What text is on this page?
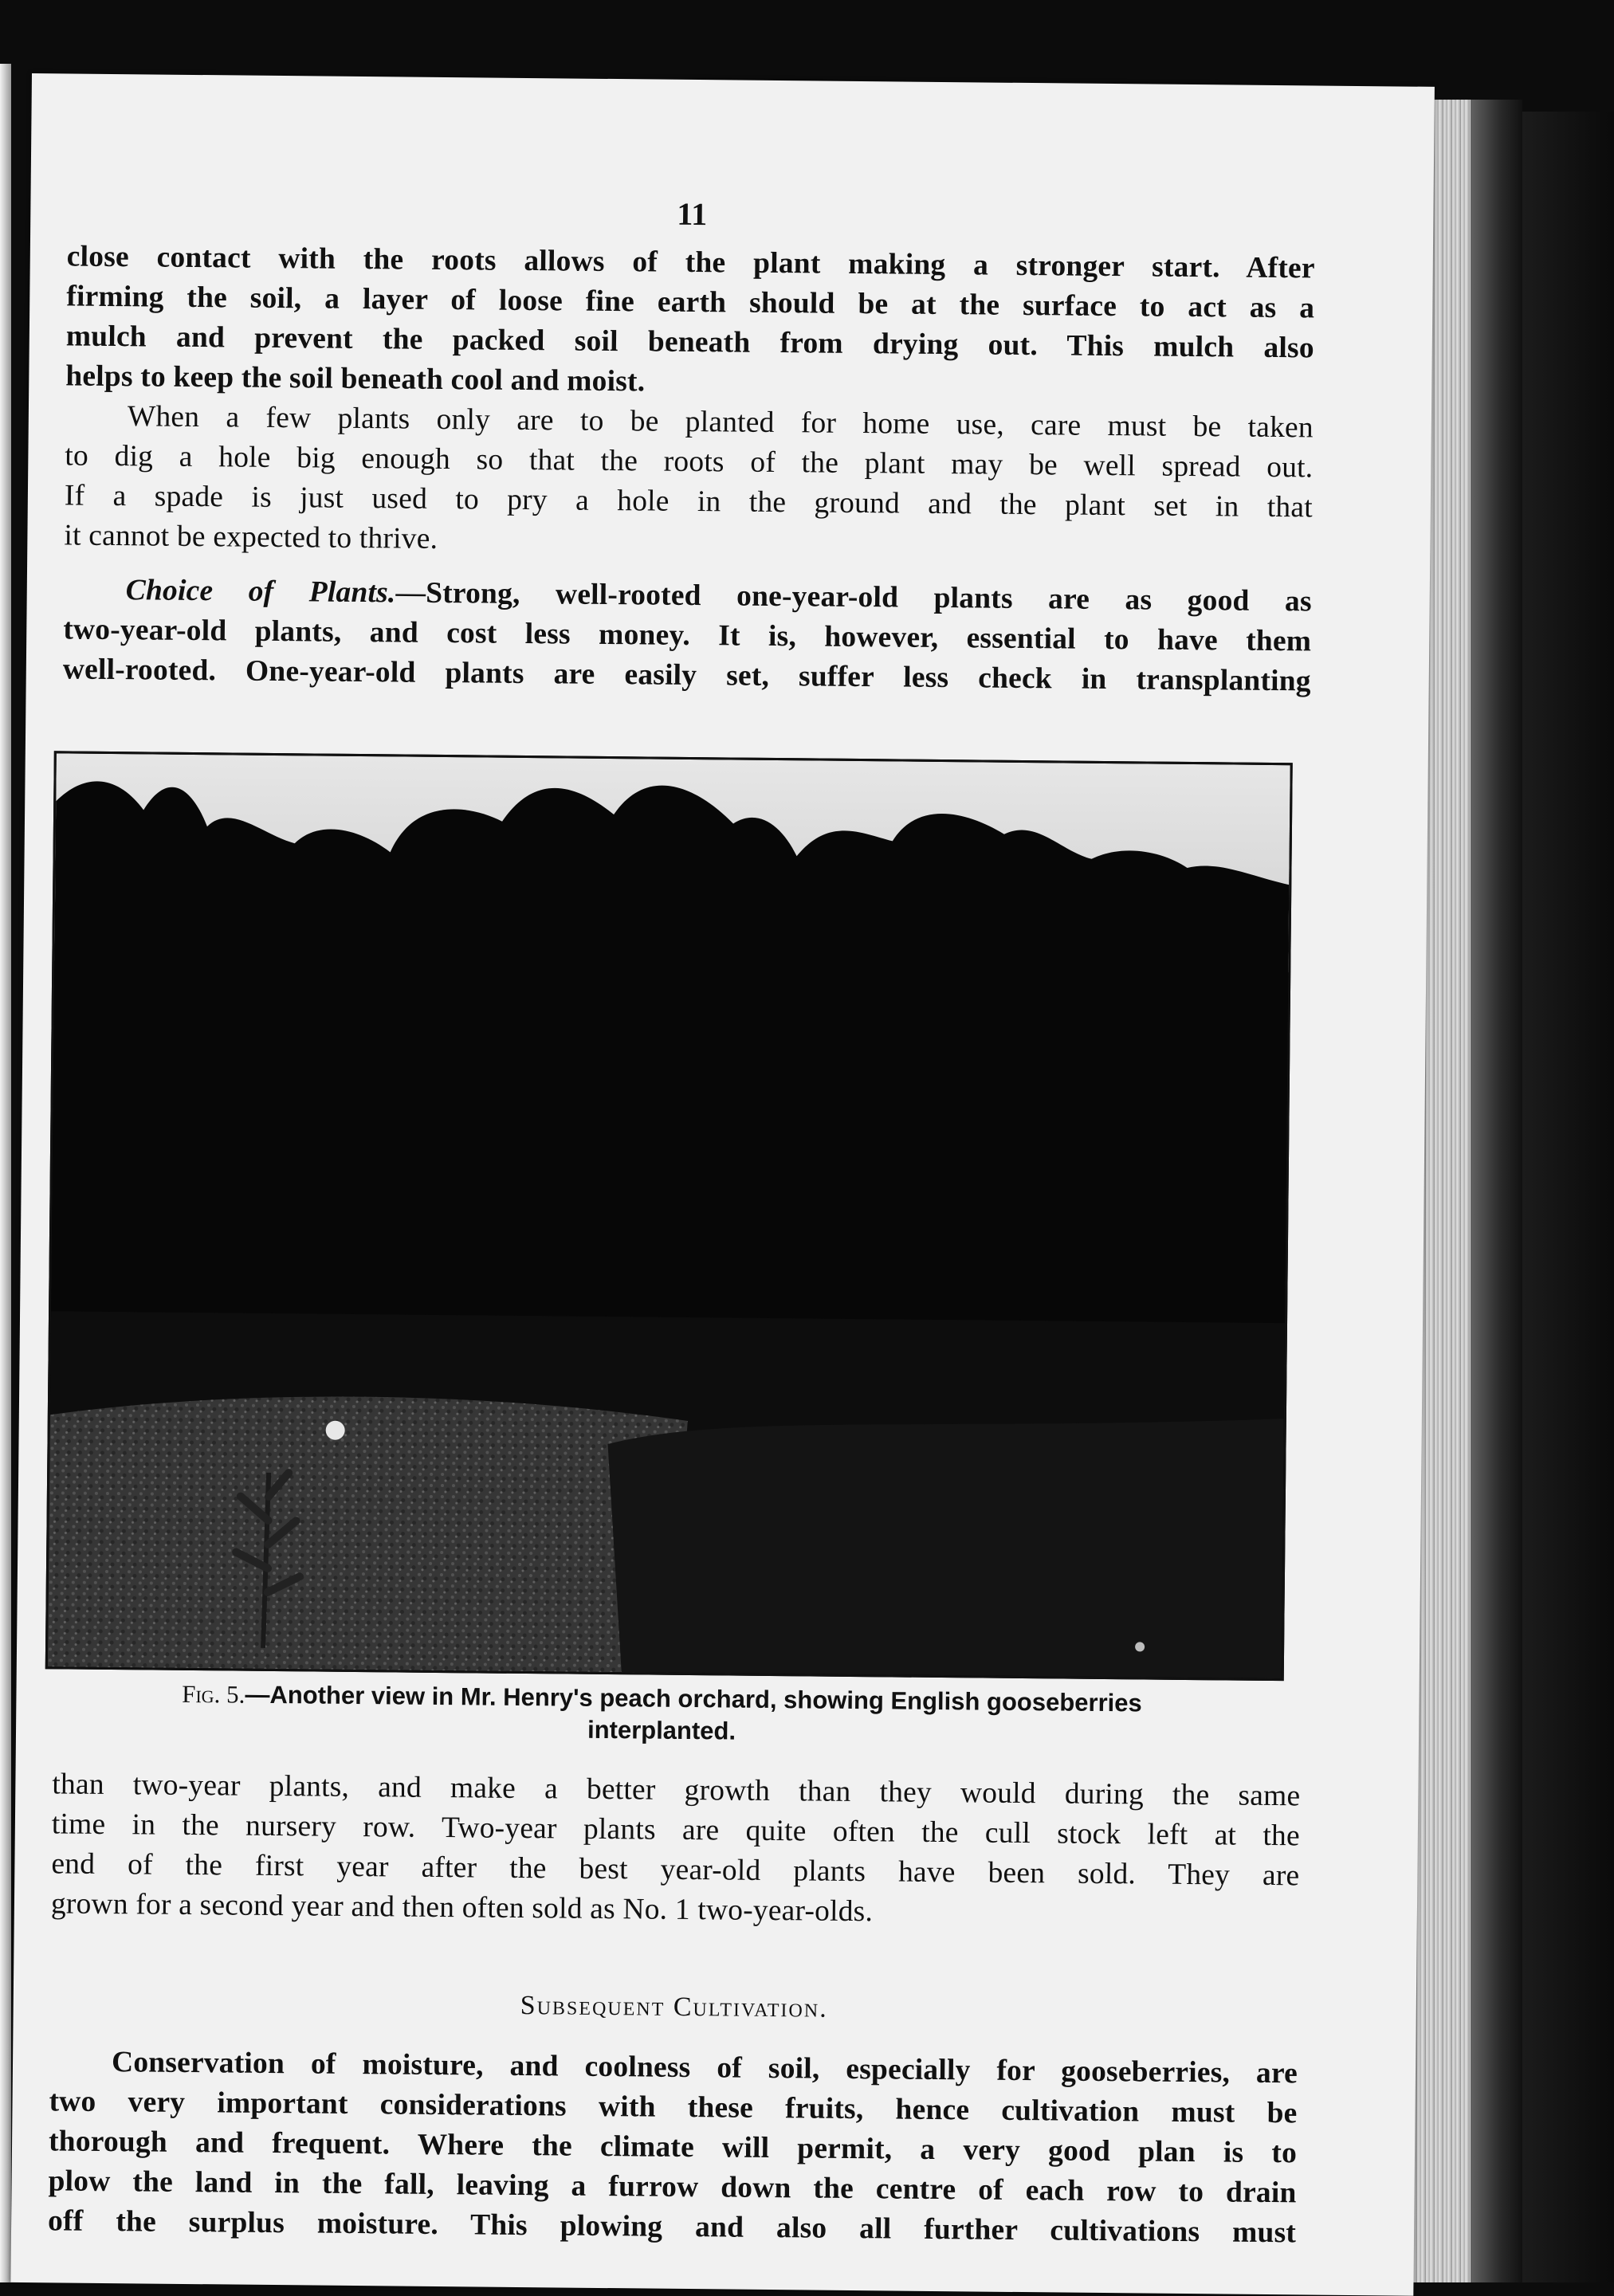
11
close contact with the roots allows of the plant making a stronger start. After
firming the soil, a layer of loose fine earth should be at the surface to act as a
mulch and prevent the packed soil beneath from drying out. This mulch also
helps to keep the soil beneath cool and moist.
When a few plants only are to be planted for home use, care must be taken
to dig a hole big enough so that the roots of the plant may be well spread out.
If a spade is just used to pry a hole in the ground and the plant set in that
it cannot be expected to thrive.
Choice of Plants.—Strong, well-rooted one-year-old plants are as good as
two-year-old plants, and cost less money. It is, however, essential to have them
well-rooted. One-year-old plants are easily set, suffer less check in transplanting
Fig. 5.—Another view in Mr. Henry's peach orchard, showing English gooseberries
interplanted.
than two-year plants, and make a better growth than they would during the same
time in the nursery row. Two-year plants are quite often the cull stock left at the
end of the first year after the best year-old plants have been sold. They are
grown for a second year and then often sold as No. 1 two-year-olds.
Subsequent Cultivation.
Conservation of moisture, and coolness of soil, especially for gooseberries, are
two very important considerations with these fruits, hence cultivation must be
thorough and frequent. Where the climate will permit, a very good plan is to
plow the land in the fall, leaving a furrow down the centre of each row to drain
off the surplus moisture. This plowing and also all further cultivations must
